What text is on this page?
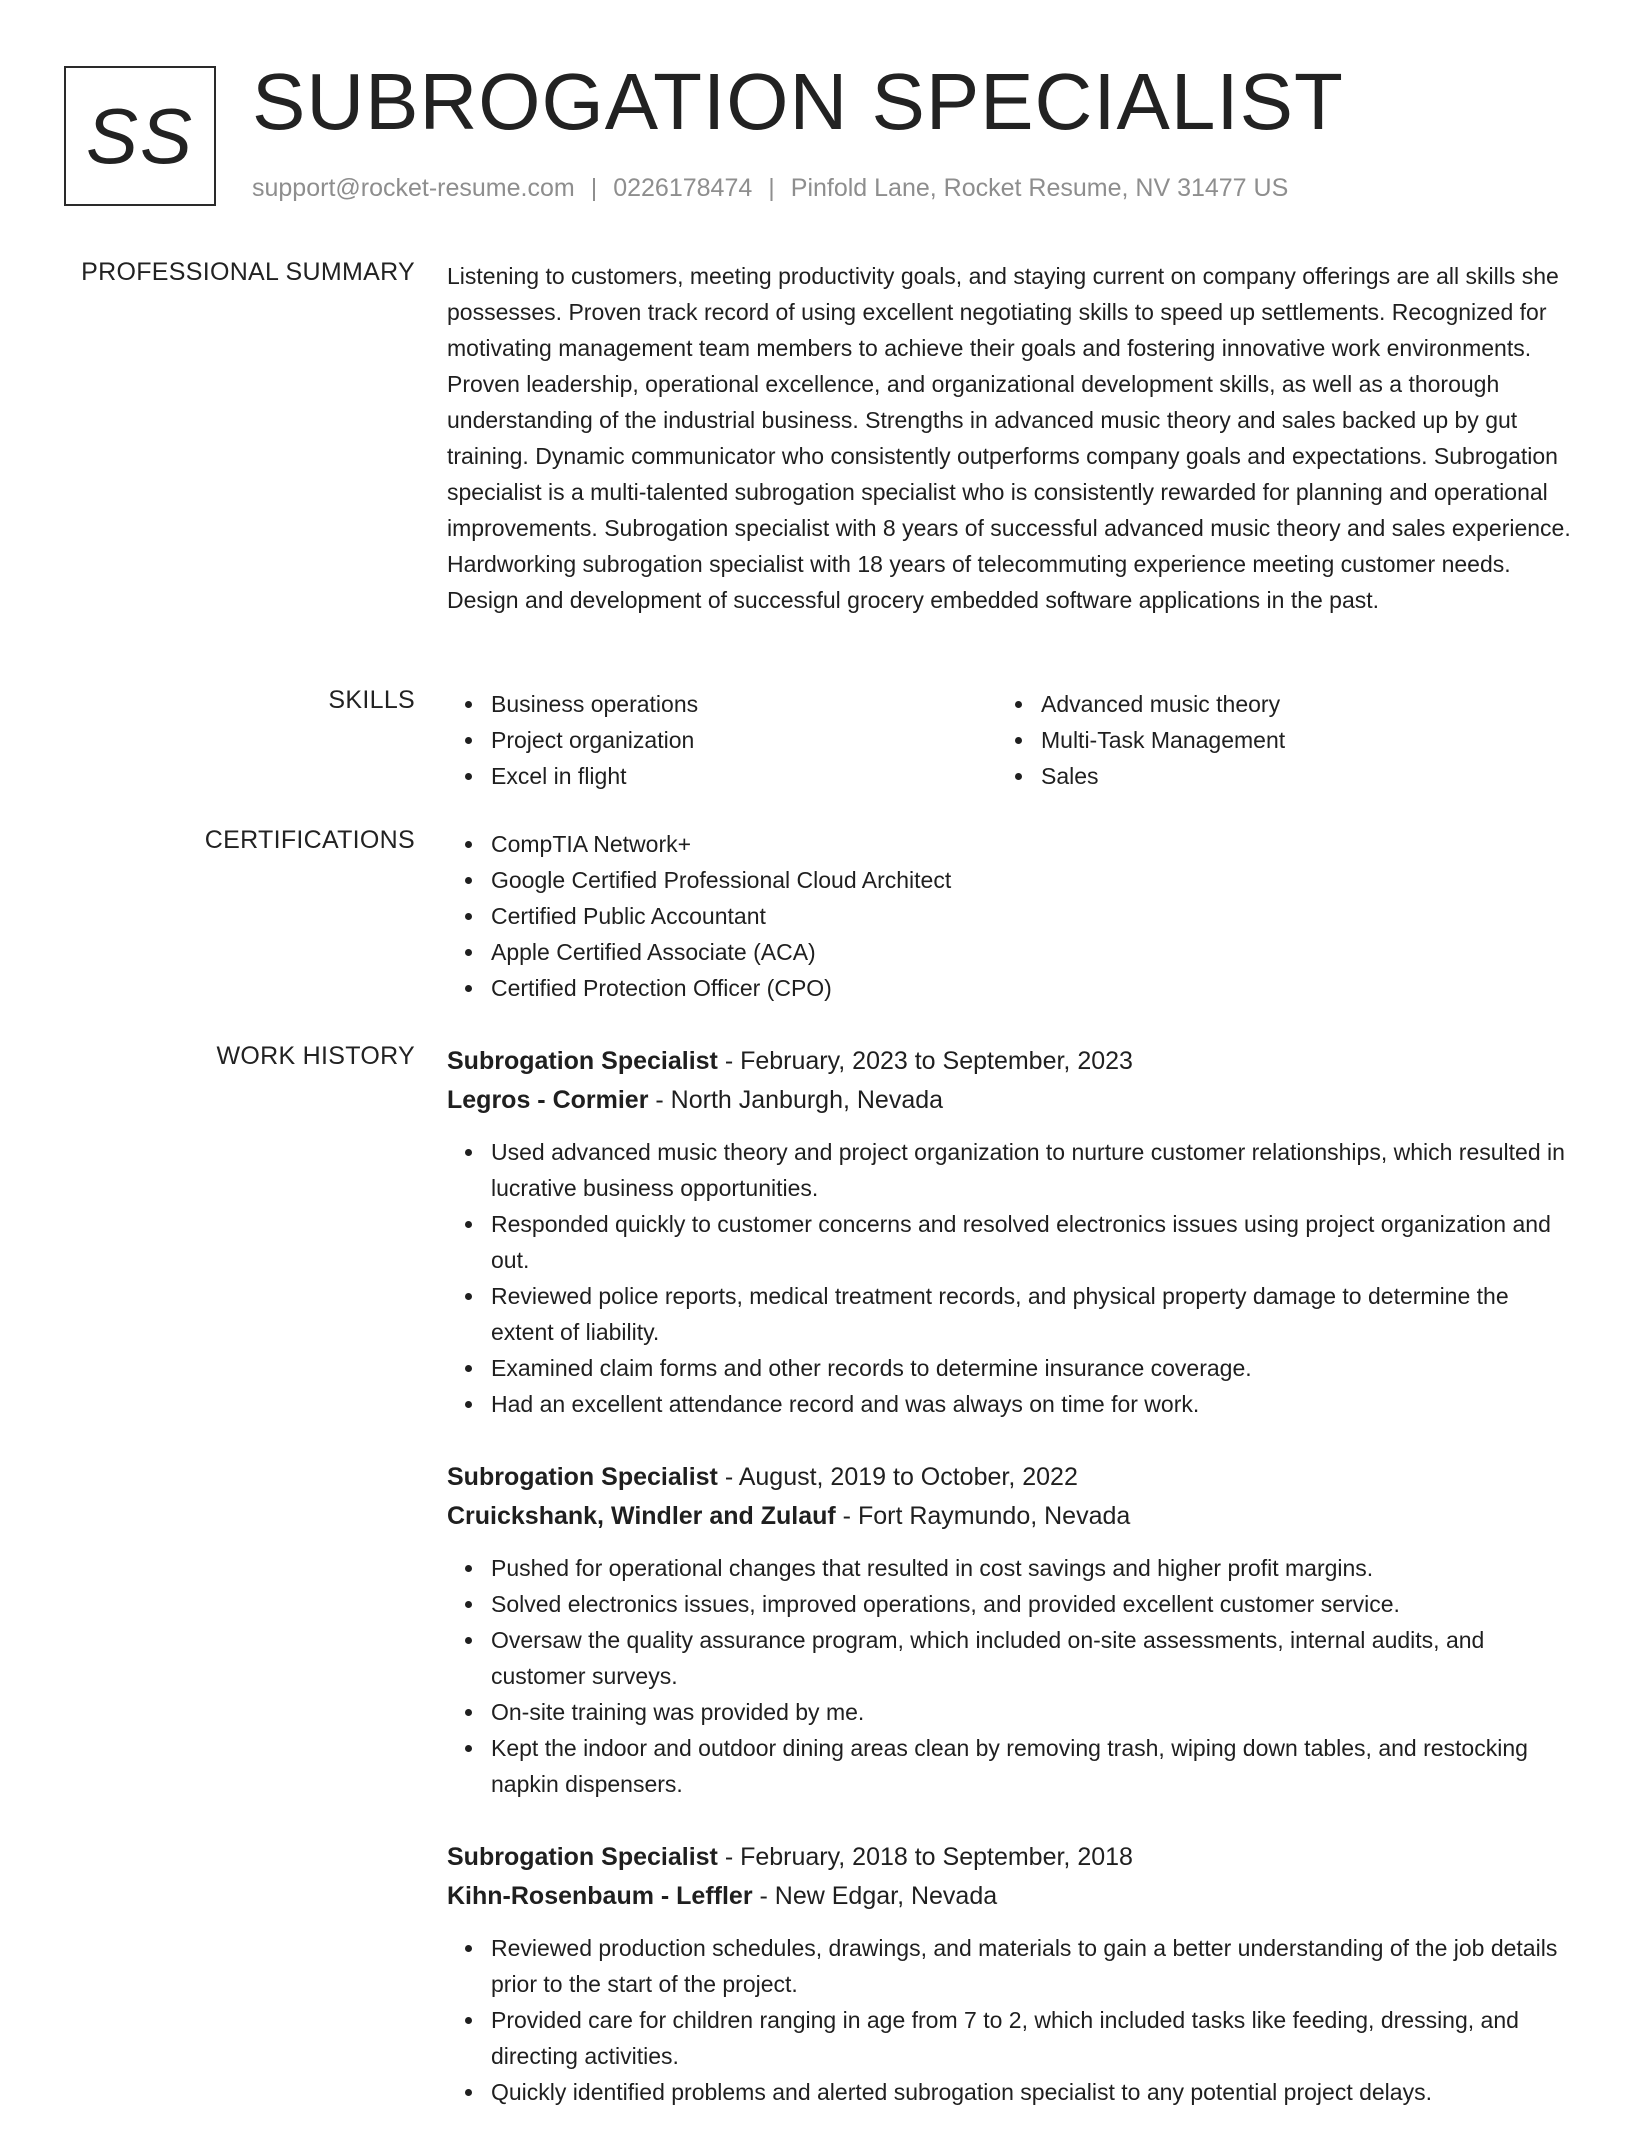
SS SUBROGATION SPECIALIST
support@rocket-resume.com | 0226178474 | Pinfold Lane, Rocket Resume, NV 31477 US
PROFESSIONAL SUMMARY Listening to customers, meeting productivity goals, and staying current on company offerings are all skills she possesses. Proven track record of using excellent negotiating skills to speed up settlements. Recognized for motivating management team members to achieve their goals and fostering innovative work environments. Proven leadership, operational excellence, and organizational development skills, as well as a thorough understanding of the industrial business. Strengths in advanced music theory and sales backed up by gut training. Dynamic communicator who consistently outperforms company goals and expectations. Subrogation specialist is a multi-talented subrogation specialist who is consistently rewarded for planning and operational improvements. Subrogation specialist with 8 years of successful advanced music theory and sales experience. Hardworking subrogation specialist with 18 years of telecommuting experience meeting customer needs. Design and development of successful grocery embedded software applications in the past.

SKILLS	Business operations
Project organization
Excel in flight
Advanced music theory
Multi-Task Management
Sales
CERTIFICATIONS	CompTIA Network+
Google Certified Professional Cloud Architect
Certified Public Accountant
Apple Certified Associate (ACA)
Certified Protection Officer (CPO)
WORK HISTORY Subrogation Specialist - February, 2023 to September, 2023
Legros - Cormier - North Janburgh, Nevada
Used advanced music theory and project organization to nurture customer relationships, which resulted in lucrative business opportunities.
Responded quickly to customer concerns and resolved electronics issues using project organization and out.
Reviewed police reports, medical treatment records, and physical property damage to determine the extent of liability.
Examined claim forms and other records to determine insurance coverage.
Had an excellent attendance record and was always on time for work.
Subrogation Specialist - August, 2019 to October, 2022
Cruickshank, Windler and Zulauf - Fort Raymundo, Nevada
Pushed for operational changes that resulted in cost savings and higher profit margins.
Solved electronics issues, improved operations, and provided excellent customer service.
Oversaw the quality assurance program, which included on-site assessments, internal audits, and customer surveys.
On-site training was provided by me.
Kept the indoor and outdoor dining areas clean by removing trash, wiping down tables, and restocking napkin dispensers.
Subrogation Specialist - February, 2018 to September, 2018
Kihn-Rosenbaum - Leffler - New Edgar, Nevada
Reviewed production schedules, drawings, and materials to gain a better understanding of the job details prior to the start of the project.
Provided care for children ranging in age from 7 to 2, which included tasks like feeding, dressing, and directing activities.
Quickly identified problems and alerted subrogation specialist to any potential project delays.
